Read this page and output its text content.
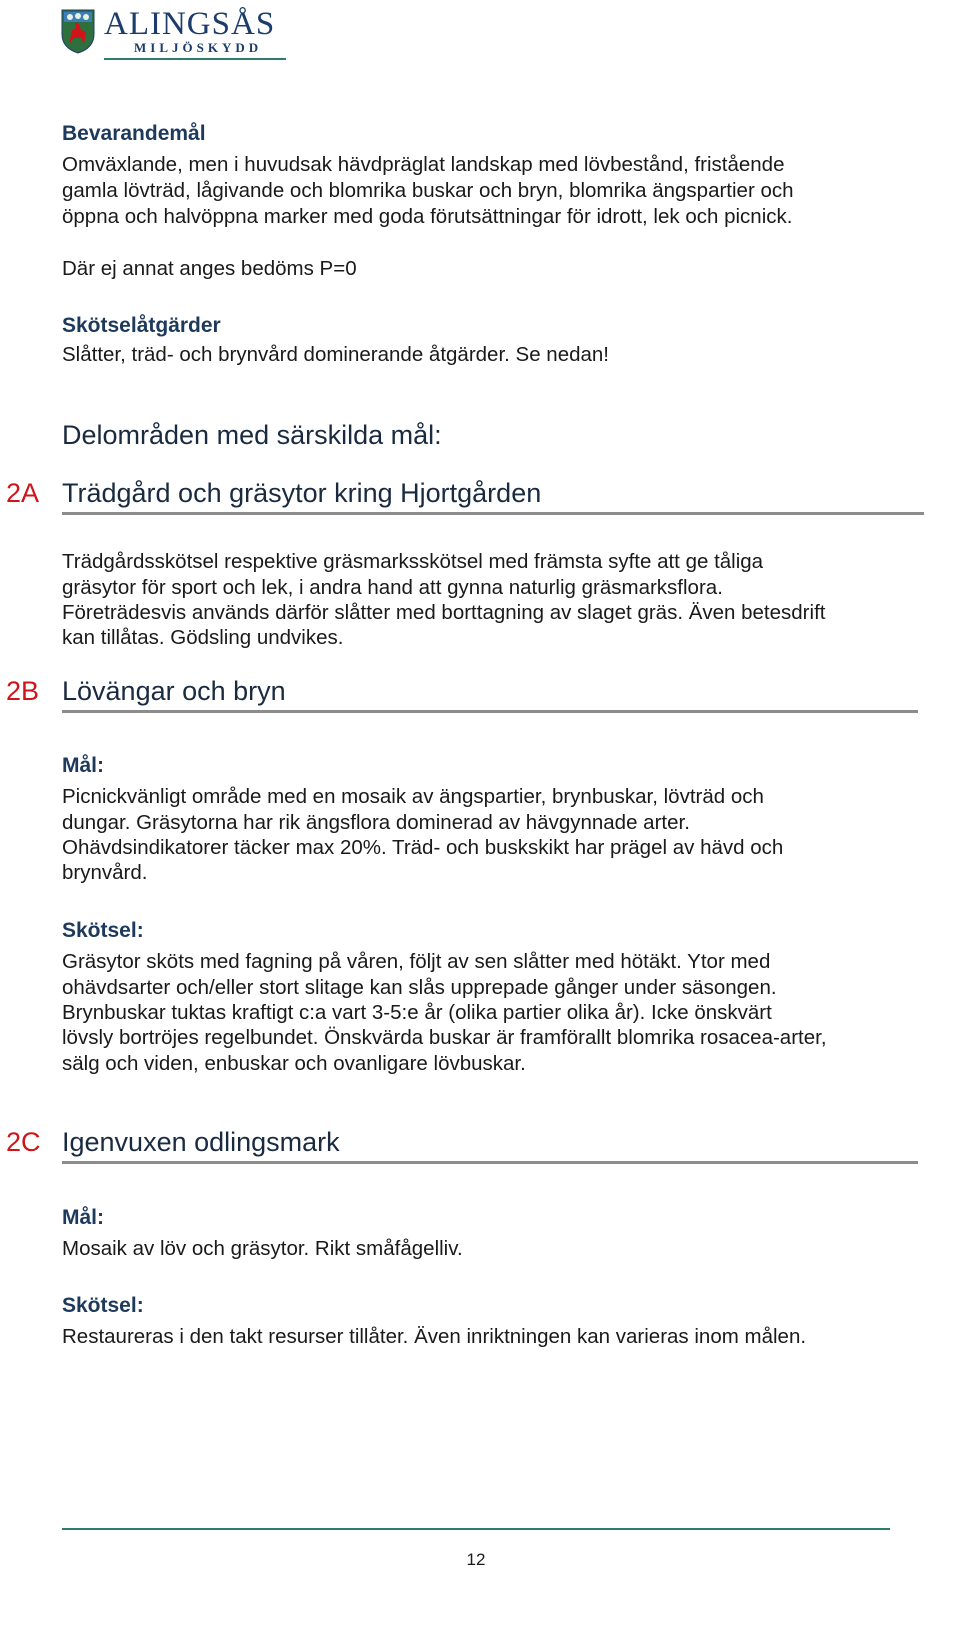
ALINGSÅS
MILJÖSKYDD
Bevarandemål
Omväxlande, men i huvudsak hävdpräglat landskap med lövbestånd, fristående
gamla lövträd, lågivande och blomrika buskar och bryn, blomrika ängspartier och
öppna och halvöppna marker med goda förutsättningar för idrott, lek och picnick.
Där ej annat anges bedöms P=0
Skötselåtgärder
Slåtter, träd- och brynvård dominerande åtgärder. Se nedan!
Delområden med särskilda mål:
2A Trädgård och gräsytor kring Hjortgården
Trädgårdsskötsel respektive gräsmarksskötsel med främsta syfte att ge tåliga
gräsytor för sport och lek, i andra hand att gynna naturlig gräsmarksflora.
Företrädesvis används därför slåtter med borttagning av slaget gräs. Även betesdrift
kan tillåtas. Gödsling undvikes.
2B Lövängar och bryn
Mål:
Picnickvänligt område med en mosaik av ängspartier, brynbuskar, lövträd och
dungar. Gräsytorna har rik ängsflora dominerad av hävgynnade arter.
Ohävdsindikatorer täcker max 20%. Träd- och buskskikt har prägel av hävd och
brynvård.
Skötsel:
Gräsytor sköts med fagning på våren, följt av sen slåtter med hötäkt. Ytor med
ohävdsarter och/eller stort slitage kan slås upprepade gånger under säsongen.
Brynbuskar tuktas kraftigt c:a vart 3-5:e år (olika partier olika år). Icke önskvärt
lövsly bortröjes regelbundet. Önskvärda buskar är framförallt blomrika rosacea-arter,
sälg och viden, enbuskar och ovanligare lövbuskar.
2C Igenvuxen odlingsmark
Mål:
Mosaik av löv och gräsytor. Rikt småfågelliv.
Skötsel:
Restaureras i den takt resurser tillåter. Även inriktningen kan varieras inom målen.
12
